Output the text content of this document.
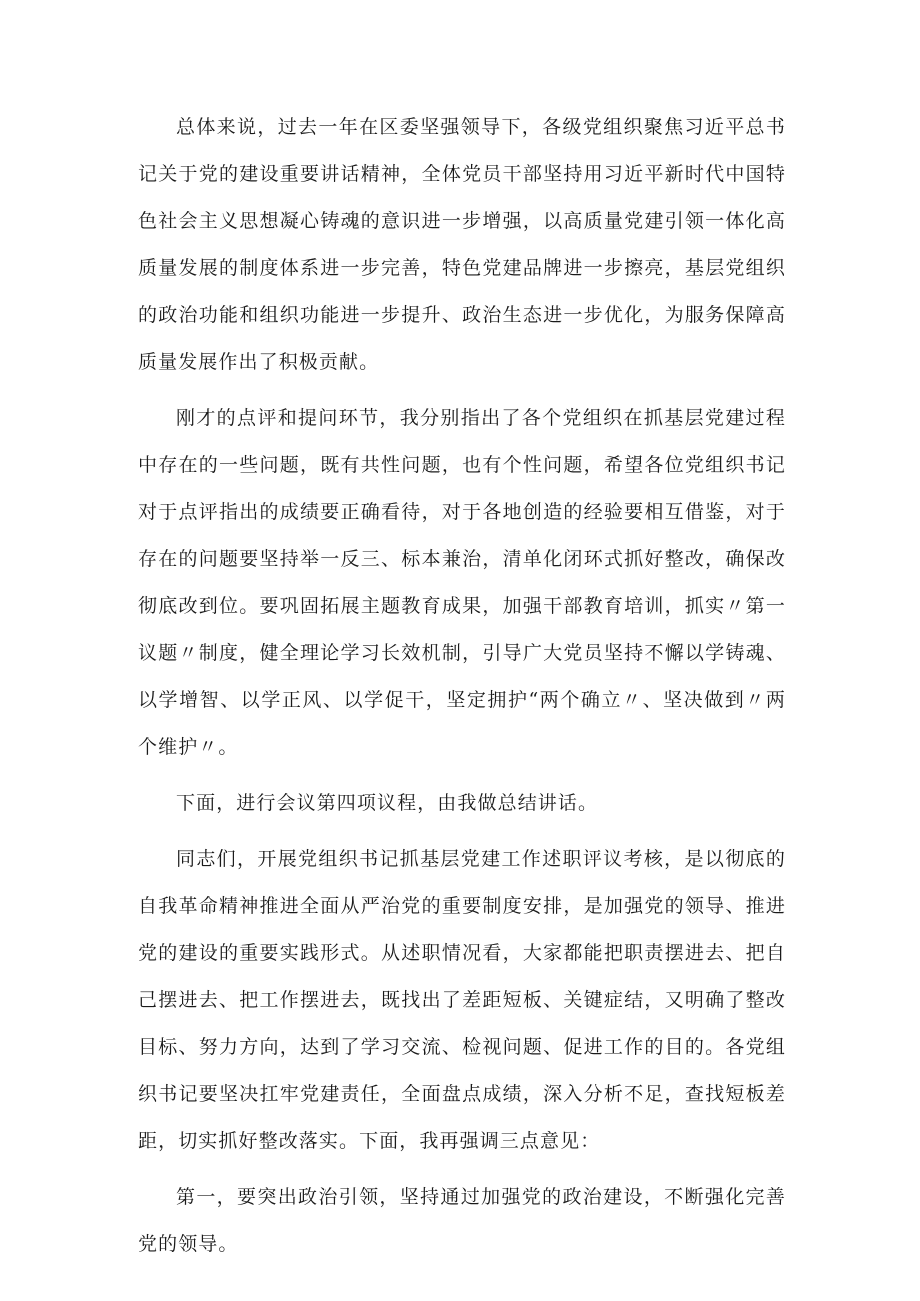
总体来说，过去一年在区委坚强领导下，各级党组织聚焦习近平总书记关于党的建设重要讲话精神，全体党员干部坚持用习近平新时代中国特色社会主义思想凝心铸魂的意识进一步增强，以高质量党建引领一体化高质量发展的制度体系进一步完善，特色党建品牌进一步擦亮，基层党组织的政治功能和组织功能进一步提升、政治生态进一步优化，为服务保障高质量发展作出了积极贡献。

刚才的点评和提问环节，我分别指出了各个党组织在抓基层党建过程中存在的一些问题，既有共性问题，也有个性问题，希望各位党组织书记对于点评指出的成绩要正确看待，对于各地创造的经验要相互借鉴，对于存在的问题要坚持举一反三、标本兼治，清单化闭环式抓好整改，确保改彻底改到位。要巩固拓展主题教育成果，加强干部教育培训，抓实〃第一议题〃制度，健全理论学习长效机制，引导广大党员坚持不懈以学铸魂、以学增智、以学正风、以学促干，坚定拥护“两个确立〃、坚决做到〃两个维护〃。

下面，进行会议第四项议程，由我做总结讲话。

同志们，开展党组织书记抓基层党建工作述职评议考核，是以彻底的自我革命精神推进全面从严治党的重要制度安排，是加强党的领导、推进党的建设的重要实践形式。从述职情况看，大家都能把职责摆进去、把自己摆进去、把工作摆进去，既找出了差距短板、关键症结，又明确了整改目标、努力方向，达到了学习交流、检视问题、促进工作的目的。各党组织书记要坚决扛牢党建责任，全面盘点成绩，深入分析不足，查找短板差距，切实抓好整改落实。下面，我再强调三点意见：

第一，要突出政治引领，坚持通过加强党的政治建设，不断强化完善党的领导。
